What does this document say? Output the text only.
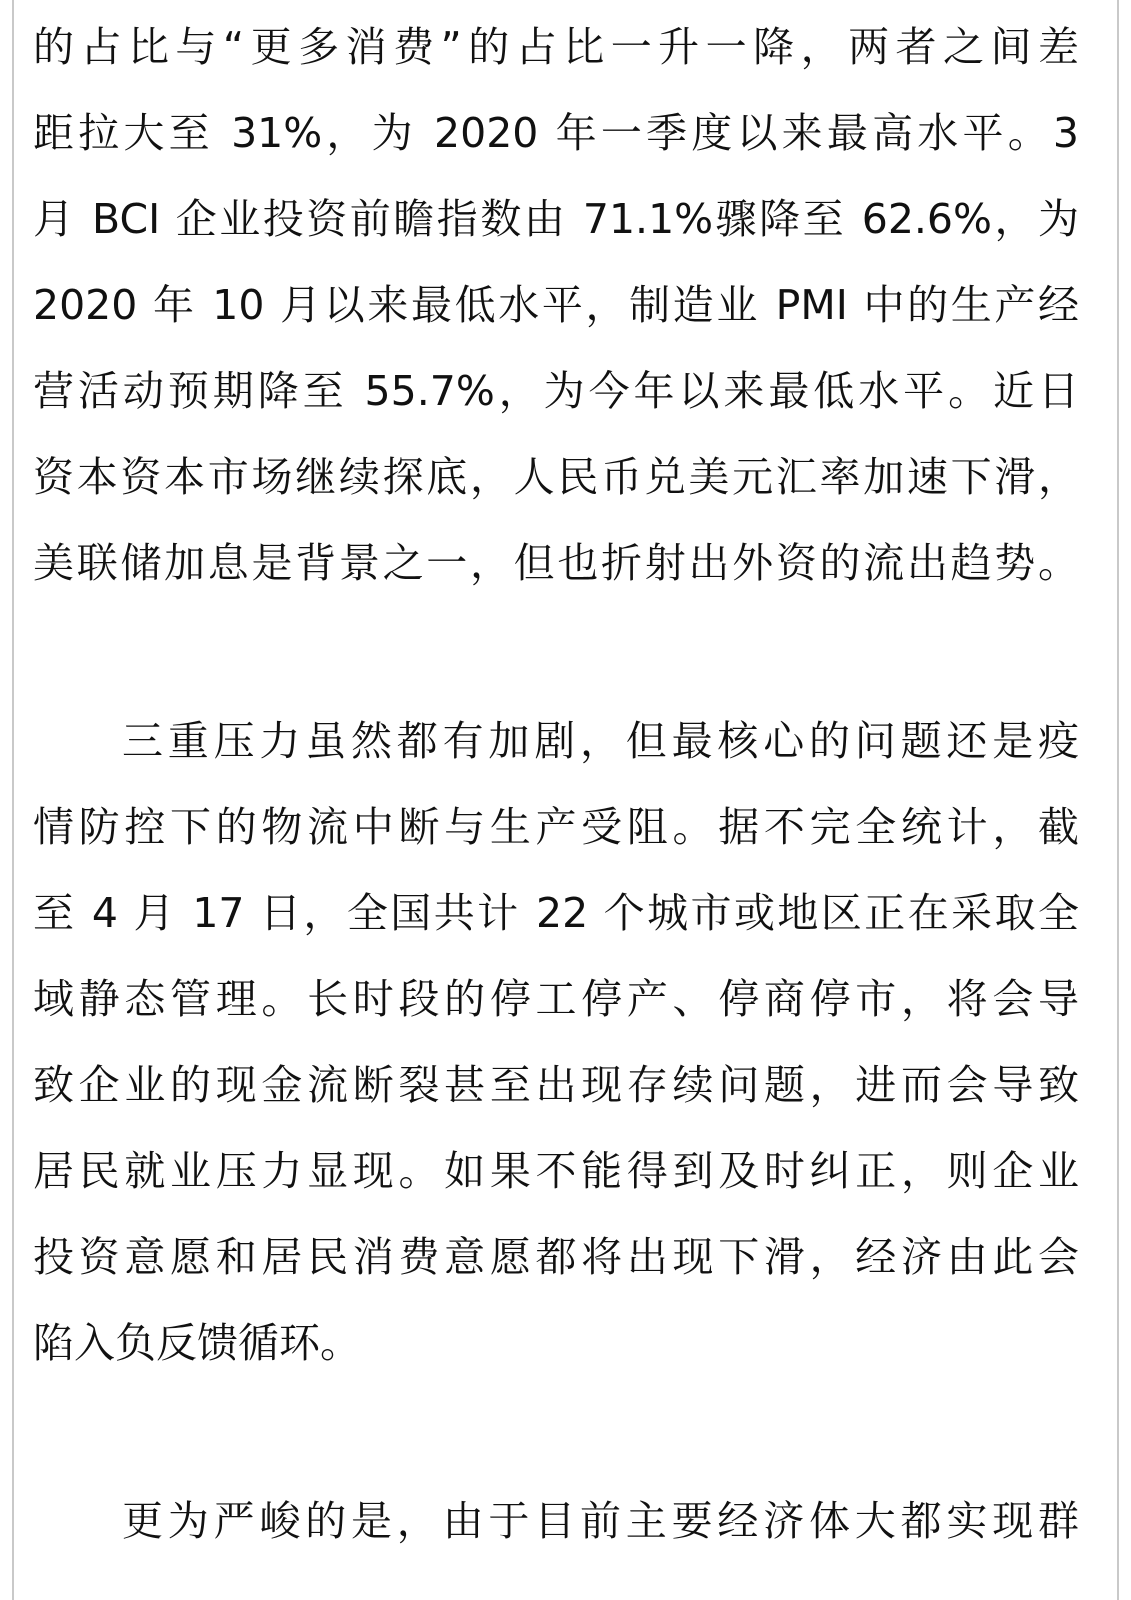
的占比与“更多消费”的占比一升一降，两者之间差
距拉大至 31%，为 2020 年一季度以来最高水平。3
月 BCI 企业投资前瞻指数由 71.1%骤降至 62.6%，为
2020 年 10 月以来最低水平，制造业 PMI 中的生产经
营活动预期降至 55.7%，为今年以来最低水平。近日
资本资本市场继续探底，人民币兑美元汇率加速下滑，
美联储加息是背景之一，但也折射出外资的流出趋势。
三重压力虽然都有加剧，但最核心的问题还是疫
情防控下的物流中断与生产受阻。据不完全统计，截
至 4 月 17 日，全国共计 22 个城市或地区正在采取全
域静态管理。长时段的停工停产、停商停市，将会导
致企业的现金流断裂甚至出现存续问题，进而会导致
居民就业压力显现。如果不能得到及时纠正，则企业
投资意愿和居民消费意愿都将出现下滑，经济由此会
陷入负反馈循环。
更为严峻的是，由于目前主要经济体大都实现群
